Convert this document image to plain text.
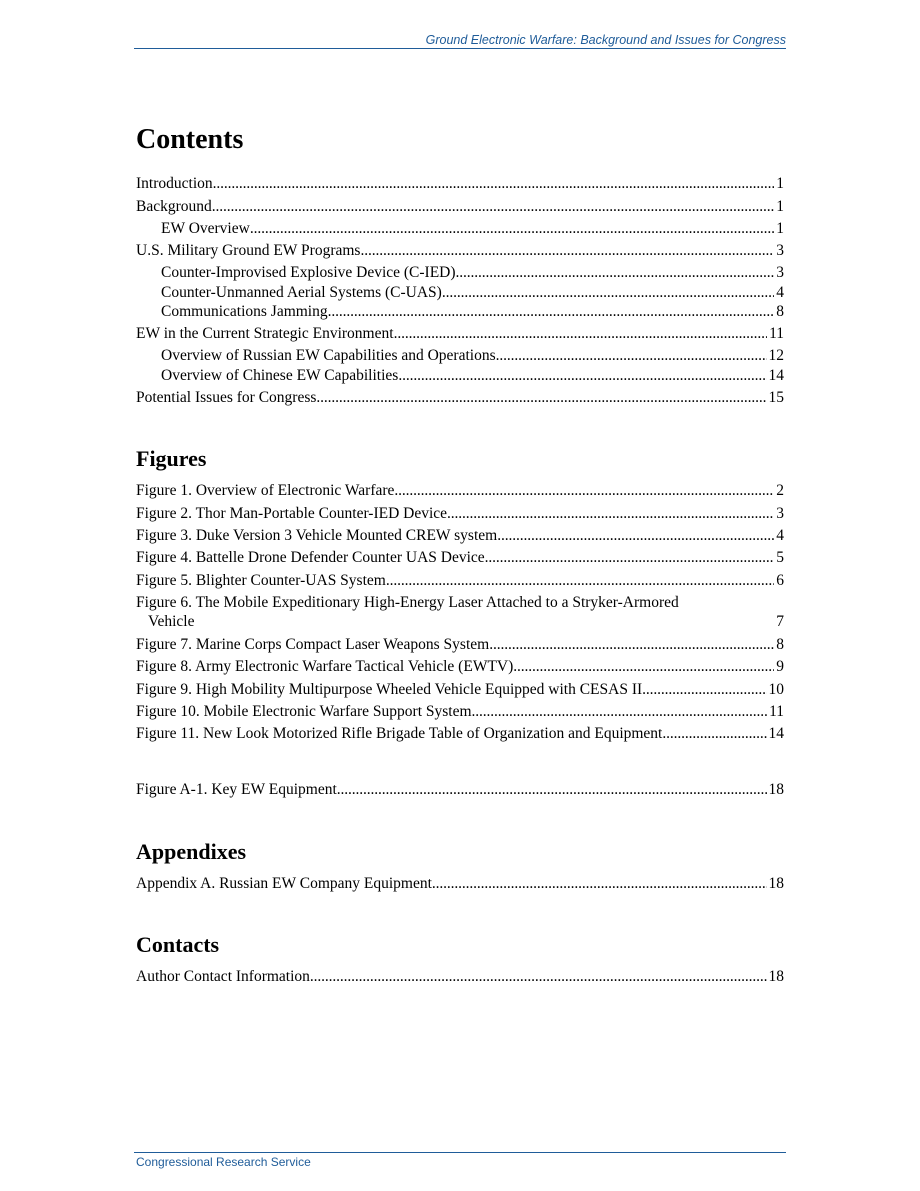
Ground Electronic Warfare: Background and Issues for Congress
Contents
Introduction . . .	1
Background . . .	1
EW Overview . . .	1
U.S. Military Ground EW Programs . . .	3
Counter-Improvised Explosive Device (C-IED) . . .	3
Counter-Unmanned Aerial Systems (C-UAS) . . .	4
Communications Jamming . . .	8
EW in the Current Strategic Environment . . .	11
Overview of Russian EW Capabilities and Operations . . .	12
Overview of Chinese EW Capabilities . . .	14
Potential Issues for Congress . . .	15
Figures
Figure 1. Overview of Electronic Warfare . . .	2
Figure 2. Thor Man-Portable Counter-IED Device . . .	3
Figure 3. Duke Version 3 Vehicle Mounted CREW system . . .	4
Figure 4. Battelle Drone Defender Counter UAS Device . . .	5
Figure 5. Blighter Counter-UAS System . . .	6
Figure 6. The Mobile Expeditionary High-Energy Laser Attached to a Stryker-Armored
Vehicle	7
Figure 7. Marine Corps Compact Laser Weapons System . . .	8
Figure 8. Army Electronic Warfare Tactical Vehicle (EWTV) . . .	9
Figure 9. High Mobility Multipurpose Wheeled Vehicle Equipped with CESAS II . . .	10
Figure 10. Mobile Electronic Warfare Support System . . .	11
Figure 11. New Look Motorized Rifle Brigade Table of Organization and Equipment . . .	14
Figure A-1. Key EW Equipment . . .	18
Appendixes
Appendix A. Russian EW Company Equipment . . .	18
Contacts
Author Contact Information . . .	18
Congressional Research Service
